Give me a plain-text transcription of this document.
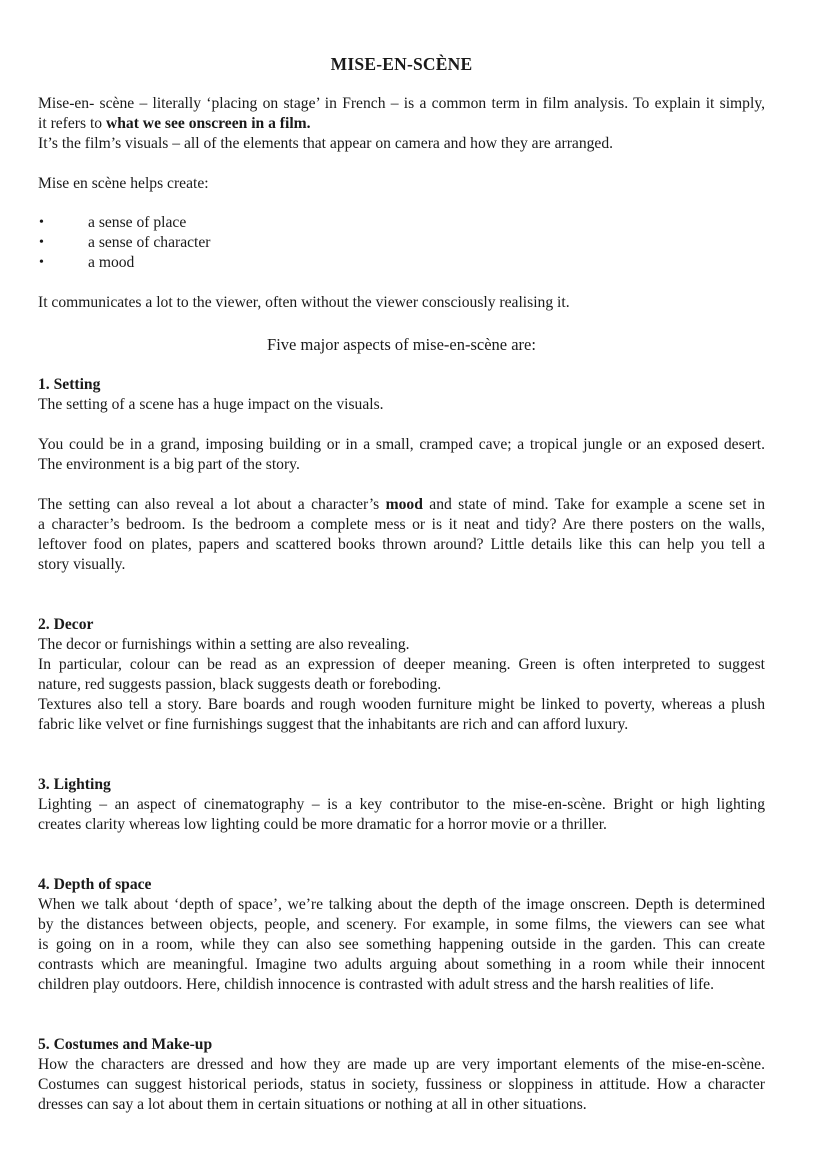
MISE-EN-SCÈNE
Mise-en- scène – literally ‘placing on stage’ in French – is a common term in film analysis. To explain it simply,
it refers to what we see onscreen in a film.
It’s the film’s visuals – all of the elements that appear on camera and how they are arranged.
Mise en scène helps create:
•	a sense of place
•	a sense of character
•	a mood
It communicates a lot to the viewer, often without the viewer consciously realising it.
Five major aspects of mise-en-scène are:
1. Setting
The setting of a scene has a huge impact on the visuals.
You could be in a grand, imposing building or in a small, cramped cave; a tropical jungle or an exposed desert.
The environment is a big part of the story.
The setting can also reveal a lot about a character’s mood and state of mind. Take for example a scene set in
a character’s bedroom. Is the bedroom a complete mess or is it neat and tidy? Are there posters on the walls,
leftover food on plates, papers and scattered books thrown around? Little details like this can help you tell a
story visually.
2. Decor
The decor or furnishings within a setting are also revealing.
In particular, colour can be read as an expression of deeper meaning. Green is often interpreted to suggest
nature, red suggests passion, black suggests death or foreboding.
Textures also tell a story. Bare boards and rough wooden furniture might be linked to poverty, whereas a plush
fabric like velvet or fine furnishings suggest that the inhabitants are rich and can afford luxury.
3. Lighting
Lighting – an aspect of cinematography – is a key contributor to the mise-en-scène. Bright or high lighting
creates clarity whereas low lighting could be more dramatic for a horror movie or a thriller.
4. Depth of space
When we talk about ‘depth of space’, we’re talking about the depth of the image onscreen. Depth is determined
by the distances between objects, people, and scenery. For example, in some films, the viewers can see what
is going on in a room, while they can also see something happening outside in the garden. This can create
contrasts which are meaningful. Imagine two adults arguing about something in a room while their innocent
children play outdoors. Here, childish innocence is contrasted with adult stress and the harsh realities of life.
5. Costumes and Make-up
How the characters are dressed and how they are made up are very important elements of the mise-en-scène.
Costumes can suggest historical periods, status in society, fussiness or sloppiness in attitude. How a character
dresses can say a lot about them in certain situations or nothing at all in other situations.
